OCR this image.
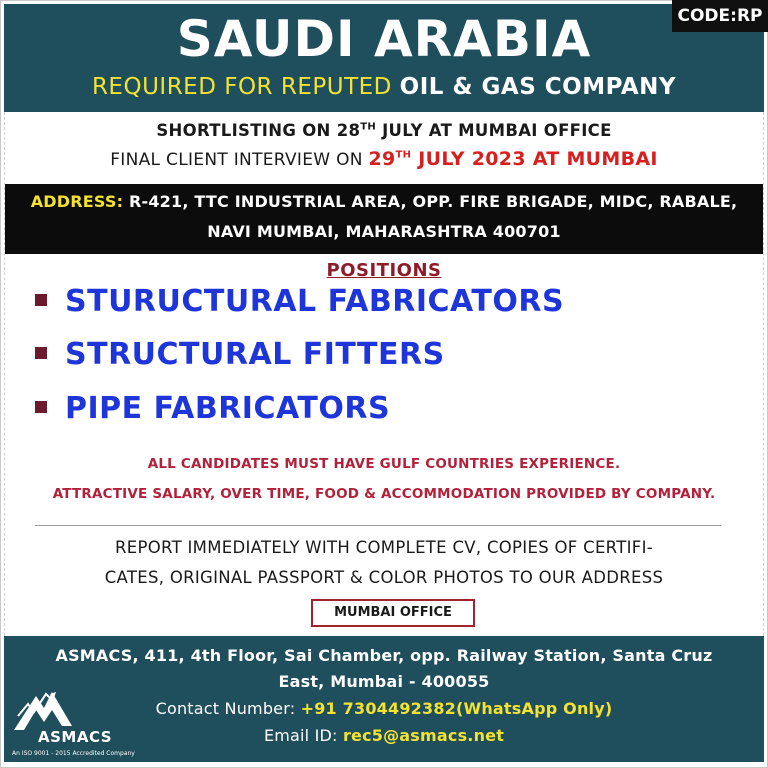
SAUDI ARABIA
REQUIRED FOR REPUTED OIL & GAS COMPANY
CODE:RP
SHORTLISTING ON 28TH JULY AT MUMBAI OFFICE
FINAL CLIENT INTERVIEW ON 29TH JULY 2023 AT MUMBAI
ADDRESS: R-421, TTC INDUSTRIAL AREA, OPP. FIRE BRIGADE, MIDC, RABALE,
NAVI MUMBAI, MAHARASHTRA 400701
POSITIONS
STURUCTURAL FABRICATORS
STRUCTURAL FITTERS
PIPE FABRICATORS
ALL CANDIDATES MUST HAVE GULF COUNTRIES EXPERIENCE.
ATTRACTIVE SALARY, OVER TIME, FOOD & ACCOMMODATION PROVIDED BY COMPANY.
REPORT IMMEDIATELY WITH COMPLETE CV, COPIES OF CERTIFI-
CATES, ORIGINAL PASSPORT & COLOR PHOTOS TO OUR ADDRESS
MUMBAI OFFICE
ASMACS, 411, 4th Floor, Sai Chamber, opp. Railway Station, Santa Cruz
East, Mumbai - 400055
Contact Number: +91 7304492382(WhatsApp Only)
Email ID: rec5@asmacs.net
ASMACS
An ISO 9001 - 2015 Accredited Company
